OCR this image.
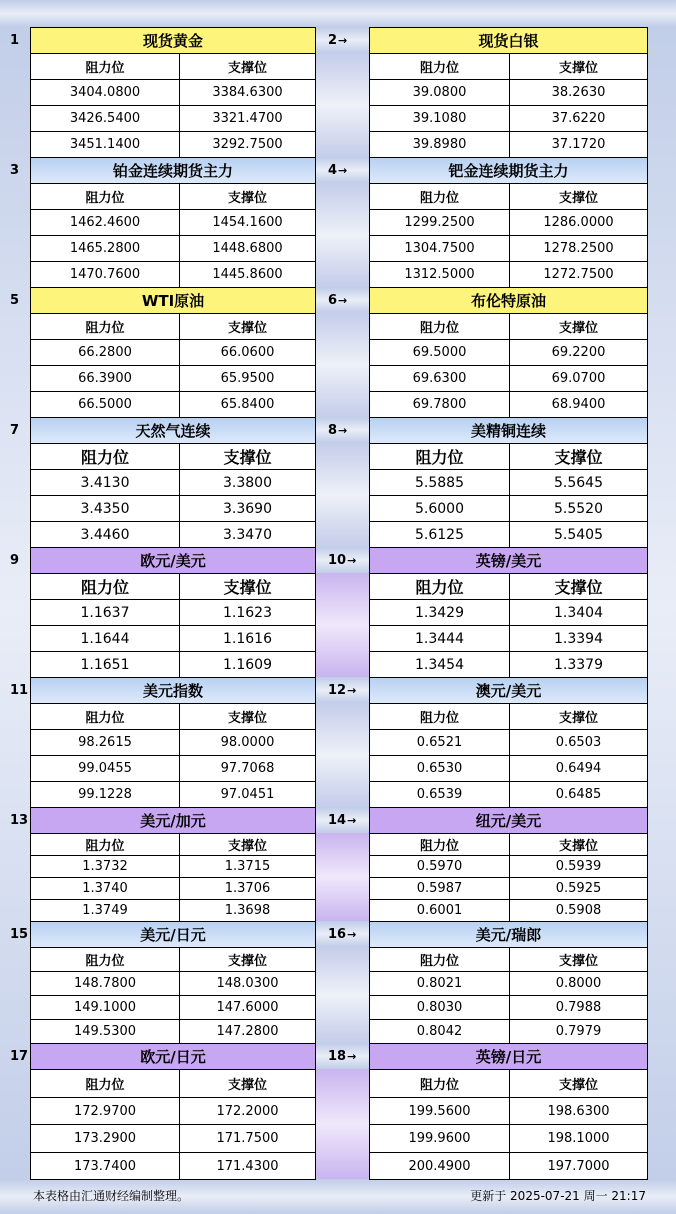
1	现货黄金
阻力位	支撑位
3404.0800	3384.6300
3426.5400	3321.4700
3451.1400	3292.7500
2 →	现货白银
阻力位	支撑位
39.0800	38.2630
39.1080	37.6220
39.8980	37.1720
3	铂金连续期货主力
阻力位	支撑位
1462.4600	1454.1600
1465.2800	1448.6800
1470.7600	1445.8600
4 →	钯金连续期货主力
阻力位	支撑位
1299.2500	1286.0000
1304.7500	1278.2500
1312.5000	1272.7500
5	WTI原油
阻力位	支撑位
66.2800	66.0600
66.3900	65.9500
66.5000	65.8400
6 →	布伦特原油
阻力位	支撑位
69.5000	69.2200
69.6300	69.0700
69.7800	68.9400
7	天然气连续
阻力位	支撑位
3.4130	3.3800
3.4350	3.3690
3.4460	3.3470
8 →	美精铜连续
阻力位	支撑位
5.5885	5.5645
5.6000	5.5520
5.6125	5.5405
9	欧元/美元
阻力位	支撑位
1.1637	1.1623
1.1644	1.1616
1.1651	1.1609
10 →	英镑/美元
阻力位	支撑位
1.3429	1.3404
1.3444	1.3394
1.3454	1.3379
11	美元指数
阻力位	支撑位
98.2615	98.0000
99.0455	97.7068
99.1228	97.0451
12 →	澳元/美元
阻力位	支撑位
0.6521	0.6503
0.6530	0.6494
0.6539	0.6485
13	美元/加元
阻力位	支撑位
1.3732	1.3715
1.3740	1.3706
1.3749	1.3698
14 →	纽元/美元
阻力位	支撑位
0.5970	0.5939
0.5987	0.5925
0.6001	0.5908
15	美元/日元
阻力位	支撑位
148.7800	148.0300
149.1000	147.6000
149.5300	147.2800
16 →	美元/瑞郎
阻力位	支撑位
0.8021	0.8000
0.8030	0.7988
0.8042	0.7979
17	欧元/日元
阻力位	支撑位
172.9700	172.2000
173.2900	171.7500
173.7400	171.4300
18 →	英镑/日元
阻力位	支撑位
199.5600	198.6300
199.9600	198.1000
200.4900	197.7000
本表格由汇通财经编制整理。	更新于 2025-07-21 周一 21:17
